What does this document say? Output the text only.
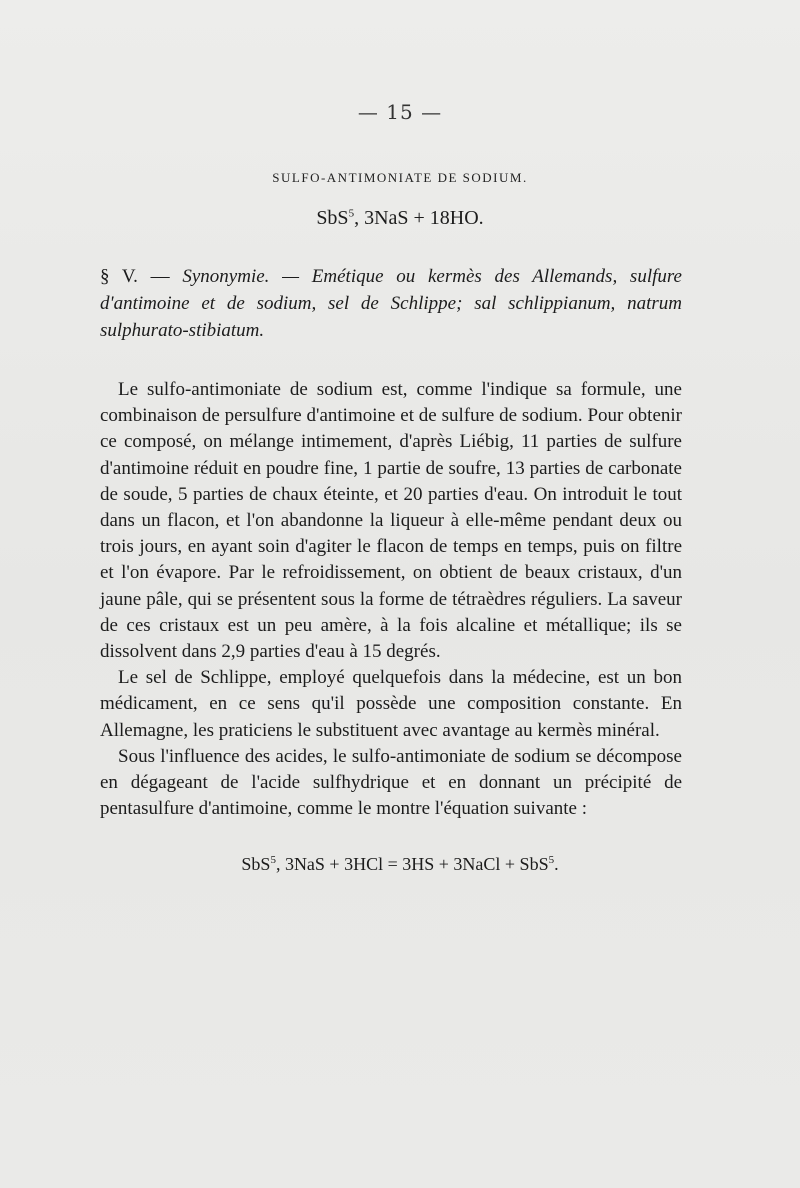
— 15 —
SULFO-ANTIMONIATE DE SODIUM.
SbS$^5$, 3NaS + 18HO.
§ V. — Synonymie. — Emétique ou kermès des Allemands, sulfure d'antimoine et de sodium, sel de Schlippe; sal schlippianum, natrum sulphurato-stibiatum.

Le sulfo-antimoniate de sodium est, comme l'indique sa formule, une combinaison de persulfure d'antimoine et de sulfure de sodium. Pour obtenir ce composé, on mélange intimement, d'après Liébig, 11 parties de sulfure d'antimoine réduit en poudre fine, 1 partie de soufre, 13 parties de carbonate de soude, 5 parties de chaux éteinte, et 20 parties d'eau. On introduit le tout dans un flacon, et l'on abandonne la liqueur à elle-même pendant deux ou trois jours, en ayant soin d'agiter le flacon de temps en temps, puis on filtre et l'on évapore. Par le refroidissement, on obtient de beaux cristaux, d'un jaune pâle, qui se présentent sous la forme de tétraèdres réguliers. La saveur de ces cristaux est un peu amère, à la fois alcaline et métallique; ils se dissolvent dans 2,9 parties d'eau à 15 degrés.

Le sel de Schlippe, employé quelquefois dans la médecine, est un bon médicament, en ce sens qu'il possède une composition constante. En Allemagne, les praticiens le substituent avec avantage au kermès minéral.

Sous l'influence des acides, le sulfo-antimoniate de sodium se décompose en dégageant de l'acide sulfhydrique et en donnant un précipité de pentasulfure d'antimoine, comme le montre l'équation suivante :

SbS$^5$, 3NaS + 3HCl = 3HS + 3NaCl + SbS$^5$.
